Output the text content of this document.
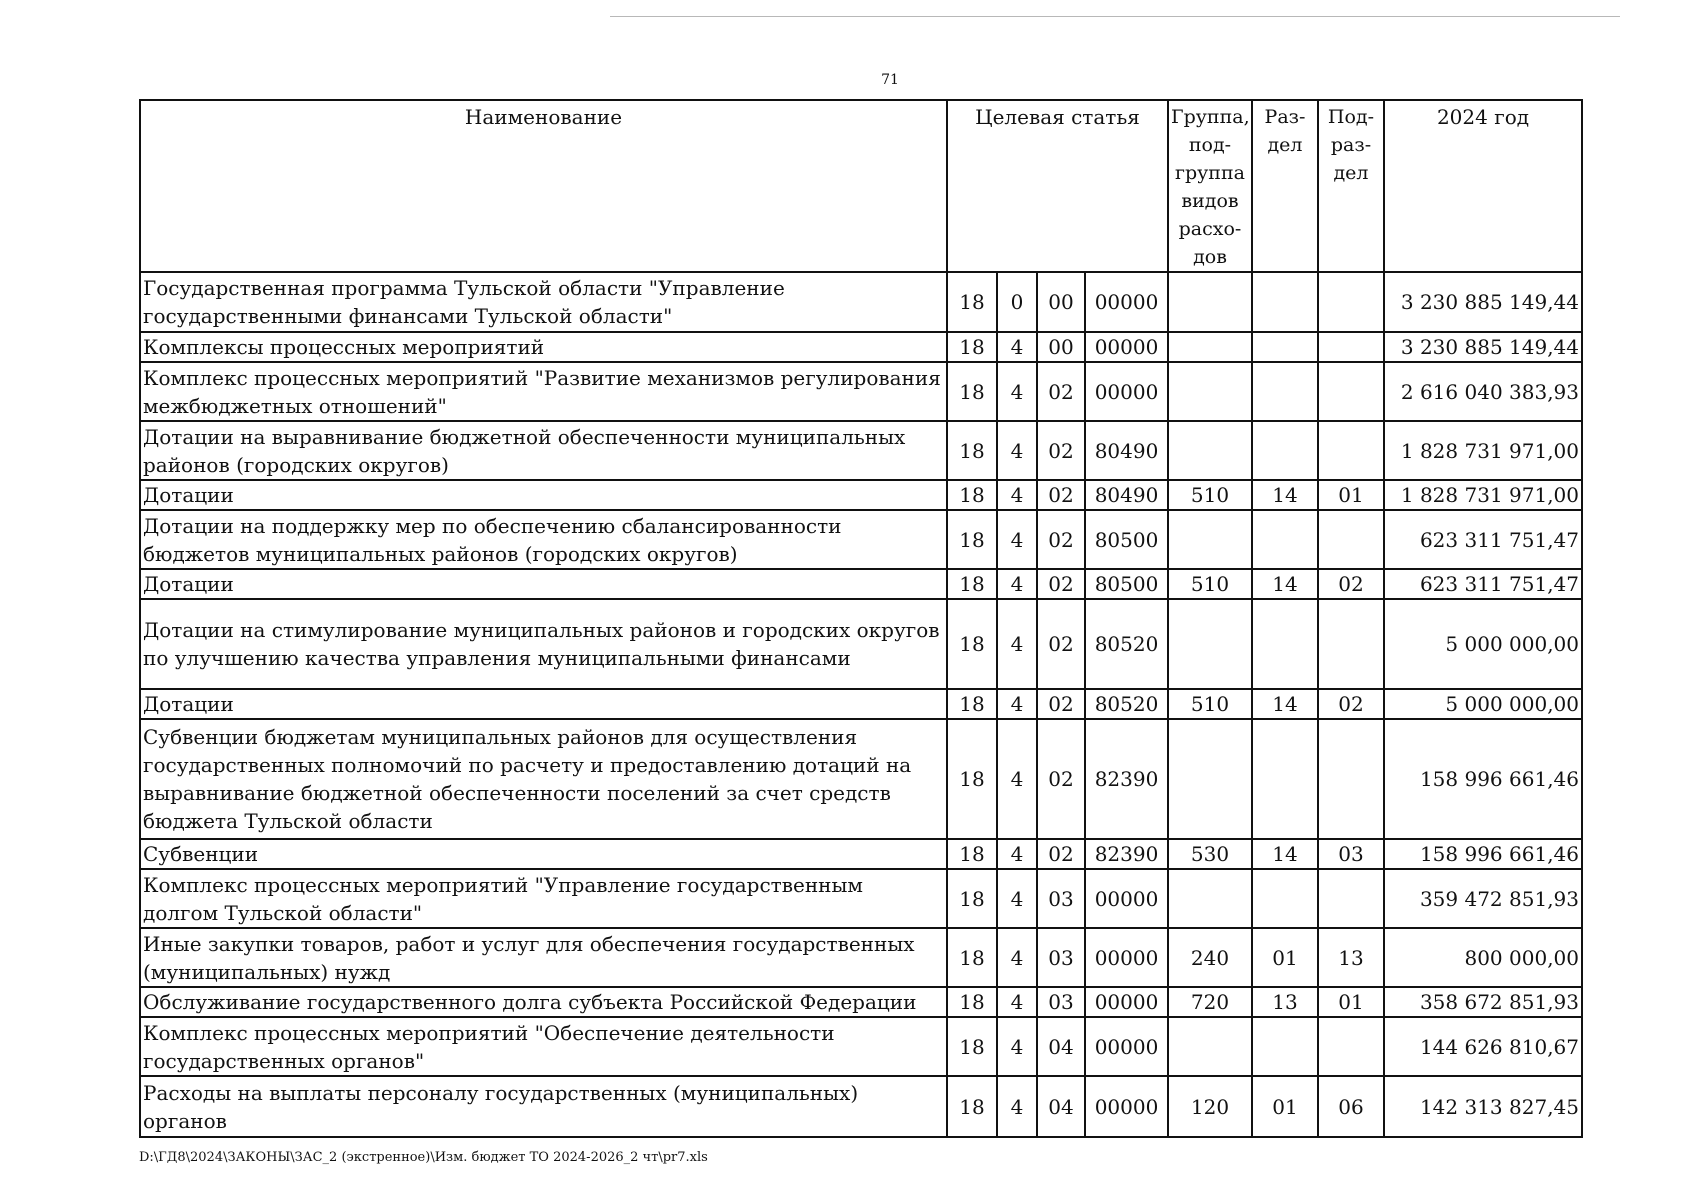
71
Наименование	Целевая статья				Группа, под-группа видов расхо-дов	Раз-дел	Под-раз-дел	2024 год
Государственная программа Тульской области "Управление государственными финансами Тульской области"	18	0	00	00000				3 230 885 149,44
Комплексы процессных мероприятий	18	4	00	00000				3 230 885 149,44
Комплекс процессных мероприятий "Развитие механизмов регулирования межбюджетных отношений"	18	4	02	00000				2 616 040 383,93
Дотации на выравнивание бюджетной обеспеченности муниципальных районов (городских округов)	18	4	02	80490				1 828 731 971,00
Дотации	18	4	02	80490	510	14	01	1 828 731 971,00
Дотации на поддержку мер по обеспечению сбалансированности бюджетов муниципальных районов (городских округов)	18	4	02	80500				623 311 751,47
Дотации	18	4	02	80500	510	14	02	623 311 751,47
Дотации на стимулирование муниципальных районов и городских округов по улучшению качества управления муниципальными финансами	18	4	02	80520				5 000 000,00
Дотации	18	4	02	80520	510	14	02	5 000 000,00
Субвенции бюджетам муниципальных районов для осуществления государственных полномочий по расчету и предоставлению дотаций на выравнивание бюджетной обеспеченности поселений за счет средств бюджета Тульской области	18	4	02	82390				158 996 661,46
Субвенции	18	4	02	82390	530	14	03	158 996 661,46
Комплекс процессных мероприятий "Управление государственным долгом Тульской области"	18	4	03	00000				359 472 851,93
Иные закупки товаров, работ и услуг для обеспечения государственных (муниципальных) нужд	18	4	03	00000	240	01	13	800 000,00
Обслуживание государственного долга субъекта Российской Федерации	18	4	03	00000	720	13	01	358 672 851,93
Комплекс процессных мероприятий "Обеспечение деятельности государственных органов"	18	4	04	00000				144 626 810,67
Расходы на выплаты персоналу государственных (муниципальных) органов	18	4	04	00000	120	01	06	142 313 827,45
D:\ГД8\2024\ЗАКОНЫ\ЗАС_2 (экстренное)\Изм. бюджет ТО 2024-2026_2 чт\pr7.xls
